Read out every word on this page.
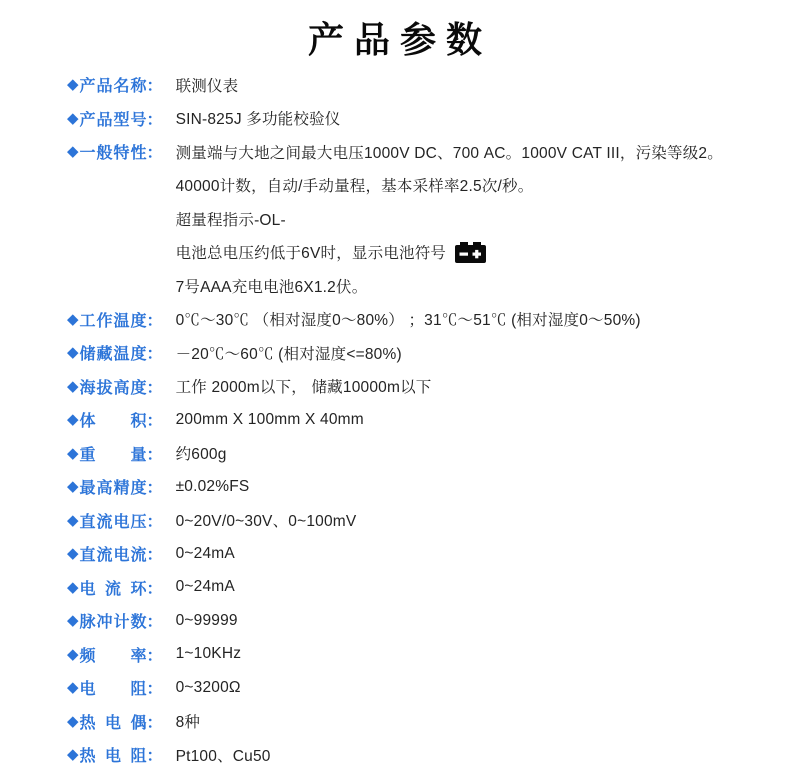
产品参数
◆ 产品名称 ： 联测仪表
◆ 产品型号 ： SIN-825J 多功能校验仪
◆ 一般特性 ： 测量端与大地之间最大电压1000V DC、700 AC。1000V CAT III，污染等级2。
40000计数，自动/手动量程，基本采样率2.5次/秒。
超量程指示-OL-
电池总电压约低于6V时，显示电池符号
7号AAA充电电池6X1.2伏。
◆ 工作温度 ： 0℃～30℃ （相对湿度0～80%） ；31℃～51℃ (相对湿度0～50%)
◆ 储藏温度 ： －20℃～60℃ (相对湿度<=80%)
◆ 海拔高度 ： 工作 2000m以下， 储藏10000m以下
◆ 体积 ： 200mm X 100mm X 40mm
◆ 重量 ： 约600g
◆ 最高精度 ： ±0.02%FS
◆ 直流电压 ： 0~20V/0~30V、0~100mV
◆ 直流电流 ： 0~24mA
◆ 电流环 ： 0~24mA
◆ 脉冲计数 ： 0~99999
◆ 频率 ： 1~10KHz
◆ 电阻 ： 0~3200Ω
◆ 热电偶 ： 8种
◆ 热电阻 ： Pt100、Cu50
